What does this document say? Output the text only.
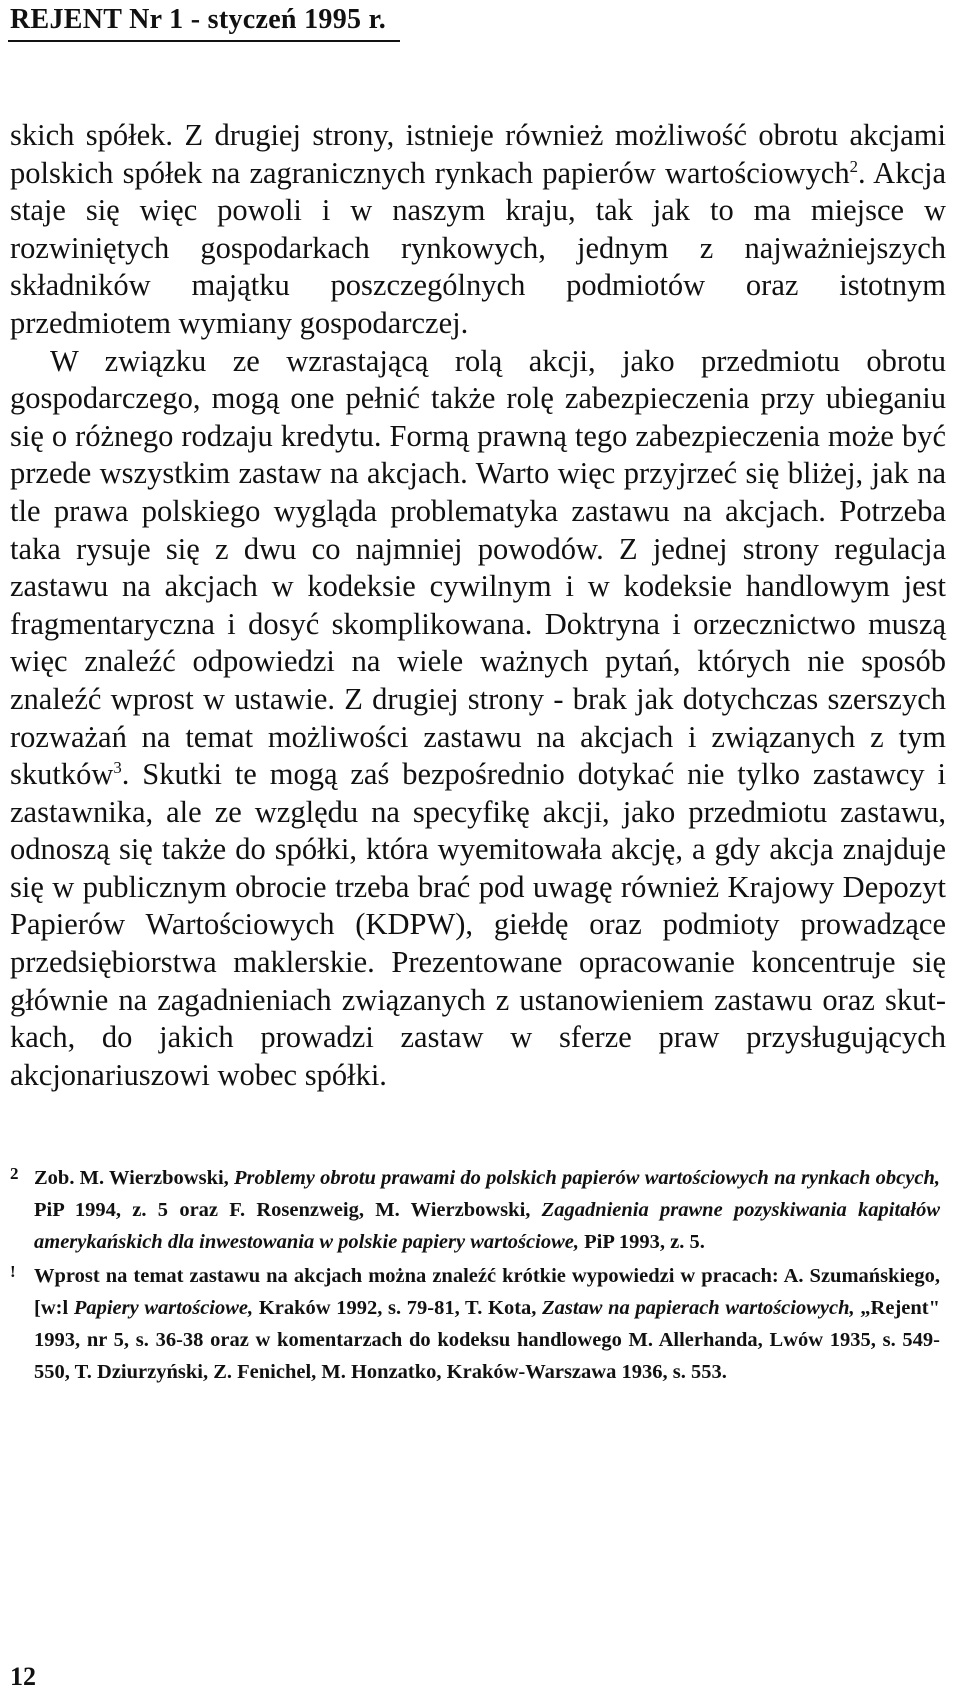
REJENT Nr 1 - styczeń 1995 r.

skich spółek. Z drugiej strony, istnieje również możliwość obrotu akcjami polskich spółek na zagranicznych rynkach papierów wartościowych$^2$. Akcja staje się więc powoli i w naszym kraju, tak jak to ma miejsce w rozwiniętych gospodarkach rynkowych, jednym z najważniejszych składników majątku poszczególnych podmiotów oraz istotnym przedmiotem wymiany gospodarczej.

W związku ze wzrastającą rolą akcji, jako przedmiotu obrotu gospodarczego, mogą one pełnić także rolę zabezpieczenia przy ubieganiu się o różnego rodzaju kredytu. Formą prawną tego zabezpieczenia może być przede wszystkim zastaw na akcjach. Warto więc przyjrzeć się bliżej, jak na tle prawa polskiego wygląda problematyka zastawu na akcjach. Potrzeba taka rysuje się z dwu co najmniej powodów. Z jednej strony regulacja zastawu na akcjach w kodeksie cywilnym i w kodeksie handlowym jest fragmentaryczna i dosyć skomplikowana. Doktryna i orzecznictwo muszą więc znaleźć odpowiedzi na wiele ważnych pytań, których nie sposób znaleźć wprost w ustawie. Z drugiej strony - brak jak dotychczas szerszych rozważań na temat możliwości zastawu na akcjach i związanych z tym skutków$^3$. Skutki te mogą zaś bezpośrednio dotykać nie tylko zastawcy i zastawnika, ale ze względu na specyfikę akcji, jako przedmiotu zastawu, odnoszą się także do spółki, która wyemitowała akcję, a gdy akcja znajduje się w publicznym obrocie trzeba brać pod uwagę również Krajowy Depozyt Papierów Wartościowych (KDPW), giełdę oraz podmioty prowadzące przedsiębiorstwa maklerskie. Prezentowane opracowanie koncentruje się głównie na zagadnieniach związanych z ustanowieniem zastawu oraz skutkach, do jakich prowadzi zastaw w sferze praw przysługujących akcjonariuszowi wobec spółki.

2 Zob. M. Wierzbowski, Problemy obrotu prawami do polskich papierów wartościowych na rynkach obcych, PiP 1994, z. 5 oraz F. Rosenzweig, M. Wierzbowski, Zagadnienia prawne pozyskiwania kapitałów amerykańskich dla inwestowania w polskie papiery wartościowe, PiP 1993, z. 5.
! Wprost na temat zastawu na akcjach można znaleźć krótkie wypowiedzi w pracach: A. Szumańskiego, [w:l Papiery wartościowe, Kraków 1992, s. 79-81, T. Kota, Zastaw na papierach wartościowych, „Rejent" 1993, nr 5, s. 36-38 oraz w komentarzach do kodeksu handlowego M. Allerhanda, Lwów 1935, s. 549-550, T. Dziurzyński, Z. Fenichel, M. Honzatko, Kraków-Warszawa 1936, s. 553.
12
